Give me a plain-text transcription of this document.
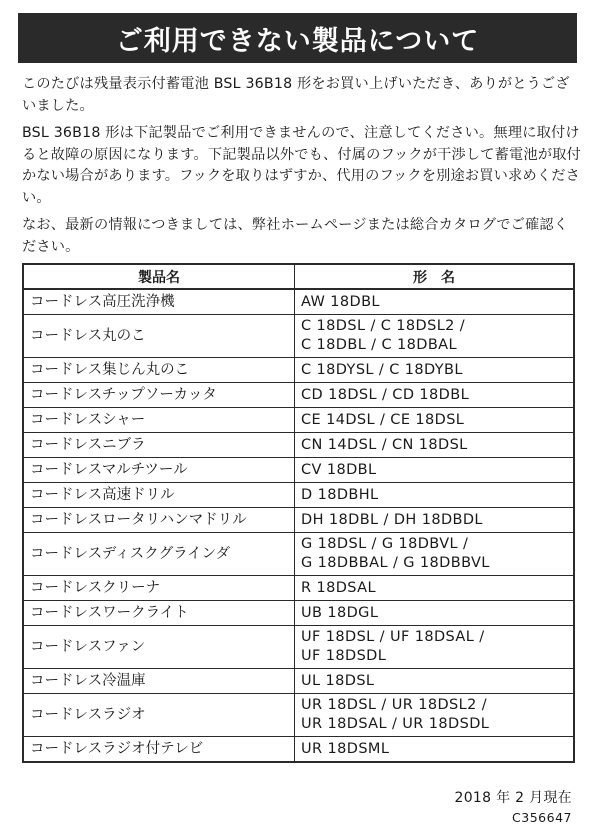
ご利用できない製品について

このたびは残量表示付蓄電池 BSL 36B18 形をお買い上げいただき、ありがとうございました。

BSL 36B18 形は下記製品でご利用できませんので、注意してください。無理に取付けると故障の原因になります。下記製品以外でも、付属のフックが干渉して蓄電池が取付かない場合があります。フックを取りはずすか、代用のフックを別途お買い求めください。

なお、最新の情報につきましては、弊社ホームページまたは総合カタログでご確認ください。

製品名	形　名
コードレス高圧洗浄機	AW 18DBL

コードレス丸のこ	C 18DSL / C 18DSL2 /
C 18DBL / C 18DBAL

コードレス集じん丸のこ	C 18DYSL / C 18DYBL

コードレスチップソーカッタ	CD 18DSL / CD 18DBL

コードレスシャー	CE 14DSL / CE 18DSL

コードレスニブラ	CN 14DSL / CN 18DSL

コードレスマルチツール	CV 18DBL

コードレス高速ドリル	D 18DBHL

コードレスロータリハンマドリル	DH 18DBL / DH 18DBDL

コードレスディスクグラインダ	G 18DSL / G 18DBVL /
G 18DBBAL / G 18DBBVL

コードレスクリーナ	R 18DSAL

コードレスワークライト	UB 18DGL

コードレスファン	UF 18DSL / UF 18DSAL /
UF 18DSDL

コードレス冷温庫	UL 18DSL

コードレスラジオ	UR 18DSL / UR 18DSL2 /
UR 18DSAL / UR 18DSDL

コードレスラジオ付テレビ	UR 18DSML
2018 年 2 月現在
C356647
